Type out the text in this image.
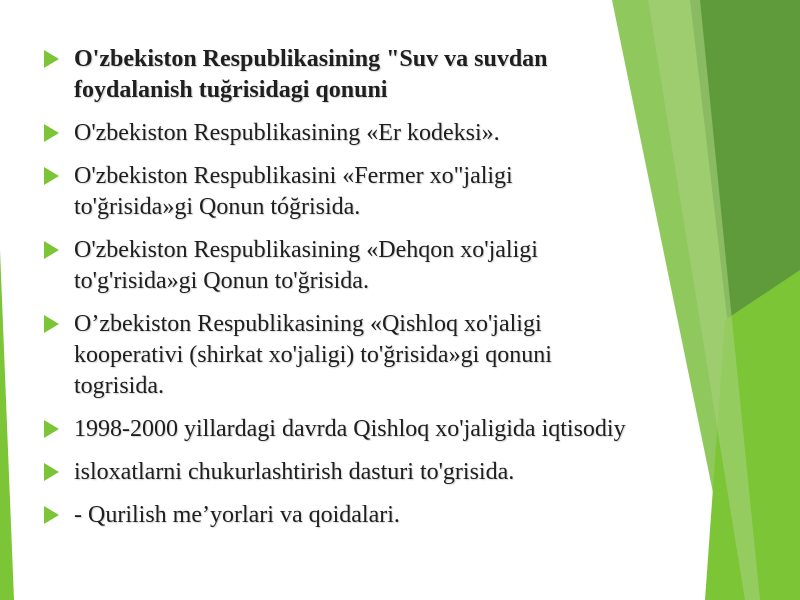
O'zbekiston Respublikasining "Suv va suvdan
foydalanish tuğrisidagi qonuni
O'zbekiston Respublikasining «Er kodeksi».
O'zbekiston Respublikasini «Fermer xo"jaligi
to'ğrisida»gi Qonun tóğrisida.
O'zbekiston Respublikasining «Dehqon xo'jaligi
to'g'risida»gi Qonun to'ğrisida.
O’zbekiston Respublikasining «Qishloq xo'jaligi
kooperativi (shirkat xo'jaligi) to'ğrisida»gi qonuni
togrisida.
1998-2000 yillardagi davrda Qishloq xo'jaligida iqtisodiy
isloxatlarni chukurlashtirish dasturi to'grisida.
- Qurilish me’yorlari va qoidalari.
